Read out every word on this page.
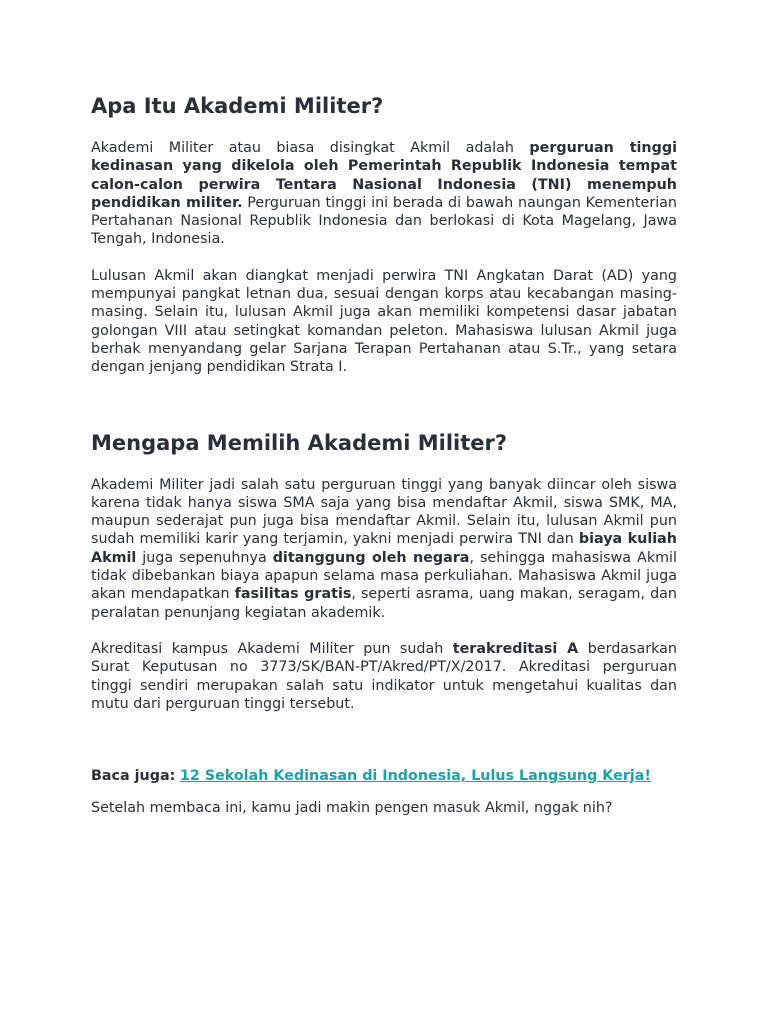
Apa Itu Akademi Militer?

Akademi Militer atau biasa disingkat Akmil adalah perguruan tinggi kedinasan yang dikelola oleh Pemerintah Republik Indonesia tempat calon-calon perwira Tentara Nasional Indonesia (TNI) menempuh pendidikan militer. Perguruan tinggi ini berada di bawah naungan Kementerian Pertahanan Nasional Republik Indonesia dan berlokasi di Kota Magelang, Jawa Tengah, Indonesia.

Lulusan Akmil akan diangkat menjadi perwira TNI Angkatan Darat (AD) yang mempunyai pangkat letnan dua, sesuai dengan korps atau kecabangan masing-masing. Selain itu, lulusan Akmil juga akan memiliki kompetensi dasar jabatan golongan VIII atau setingkat komandan peleton. Mahasiswa lulusan Akmil juga berhak menyandang gelar Sarjana Terapan Pertahanan atau S.Tr., yang setara dengan jenjang pendidikan Strata I.

Mengapa Memilih Akademi Militer?

Akademi Militer jadi salah satu perguruan tinggi yang banyak diincar oleh siswa karena tidak hanya siswa SMA saja yang bisa mendaftar Akmil, siswa SMK, MA, maupun sederajat pun juga bisa mendaftar Akmil. Selain itu, lulusan Akmil pun sudah memiliki karir yang terjamin, yakni menjadi perwira TNI dan biaya kuliah Akmil juga sepenuhnya ditanggung oleh negara, sehingga mahasiswa Akmil tidak dibebankan biaya apapun selama masa perkuliahan. Mahasiswa Akmil juga akan mendapatkan fasilitas gratis, seperti asrama, uang makan, seragam, dan peralatan penunjang kegiatan akademik.

Akreditasi kampus Akademi Militer pun sudah terakreditasi A berdasarkan Surat Keputusan no 3773/SK/BAN-PT/Akred/PT/X/2017. Akreditasi perguruan tinggi sendiri merupakan salah satu indikator untuk mengetahui kualitas dan mutu dari perguruan tinggi tersebut.

Baca juga: 12 Sekolah Kedinasan di Indonesia, Lulus Langsung Kerja!

Setelah membaca ini, kamu jadi makin pengen masuk Akmil, nggak nih?
